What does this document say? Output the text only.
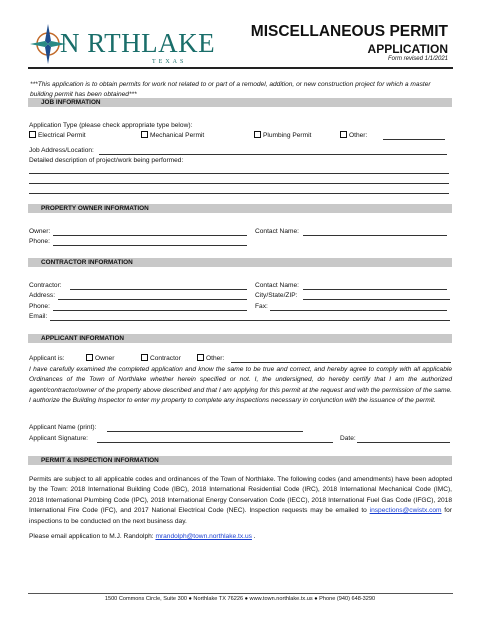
N RTHLAKE
TEXAS
MISCELLANEOUS PERMIT
APPLICATION
Form revised 1/1/2021
***This application is to obtain permits for work not related to or part of a remodel, addition, or new construction project for which a master building permit has been obtained***
JOB INFORMATION
Application Type (please check appropriate type below):
Electrical Permit	Mechanical Permit	Plumbing Permit	Other:
Job Address/Location:
Detailed description of project/work being performed:
PROPERTY OWNER INFORMATION
Owner:	Contact Name:
Phone:
CONTRACTOR INFORMATION
Contractor:	Contact Name:
Address:	City/State/ZIP:
Phone:	Fax:
Email:
APPLICANT INFORMATION
Applicant is:	Owner	Contractor	Other:
I have carefully examined the completed application and know the same to be true and correct, and hereby agree to comply with all applicable Ordinances of the Town of Northlake whether herein specified or not. I, the undersigned, do hereby certify that I am the authorized agent/contractor/owner of the property above described and that I am applying for this permit at the request and with the permission of the same. I authorize the Building Inspector to enter my property to complete any inspections necessary in conjunction with the issuance of the permit.
Applicant Name (print):
Applicant Signature:	Date:
PERMIT & INSPECTION INFORMATION
Permits are subject to all applicable codes and ordinances of the Town of Northlake. The following codes (and amendments) have been adopted by the Town: 2018 International Building Code (IBC), 2018 International Residential Code (IRC), 2018 International Mechanical Code (IMC), 2018 International Plumbing Code (IPC), 2018 International Energy Conservation Code (IECC), 2018 International Fuel Gas Code (IFGC), 2018 International Fire Code (IFC), and 2017 National Electrical Code (NEC). Inspection requests may be emailed to inspections@cwistx.com for inspections to be conducted on the next business day.
Please email application to M.J. Randolph: mrandolph@town.northlake.tx.us .
1500 Commons Circle, Suite 300 ● Northlake TX 76226 ● www.town.northlake.tx.us ● Phone (940) 648-3290
